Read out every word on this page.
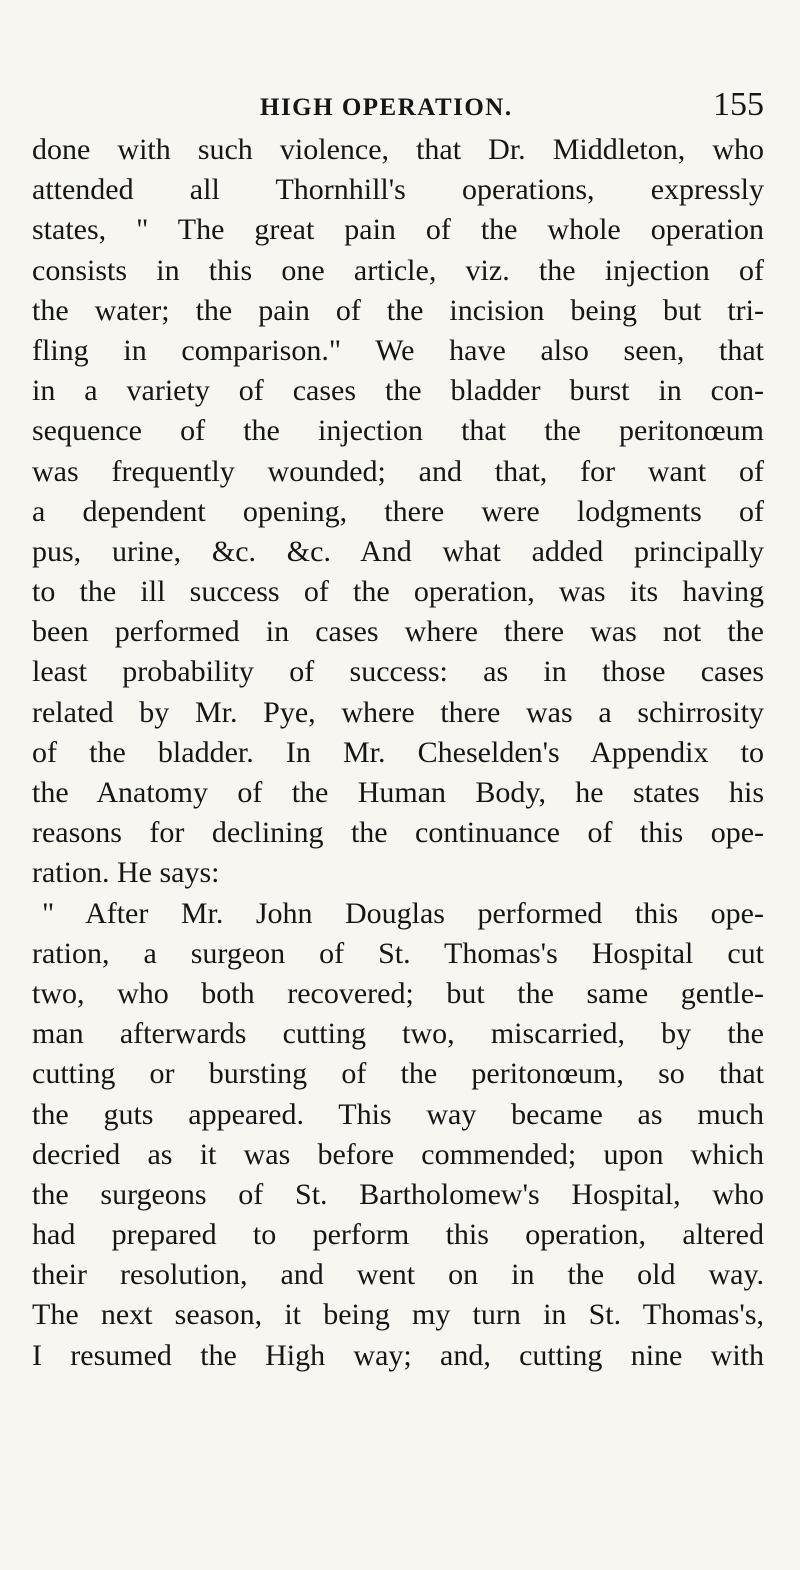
HIGH OPERATION.	155
done with such violence, that Dr. Middleton, who
attended all Thornhill's operations, expressly
states, " The great pain of the whole operation
consists in this one article, viz. the injection of
the water; the pain of the incision being but tri-
fling in comparison." We have also seen, that
in a variety of cases the bladder burst in con-
sequence of the injection that the peritonœum
was frequently wounded; and that, for want of
a dependent opening, there were lodgments of
pus, urine, &c. &c. And what added principally
to the ill success of the operation, was its having
been performed in cases where there was not the
least probability of success: as in those cases
related by Mr. Pye, where there was a schirrosity
of the bladder. In Mr. Cheselden's Appendix to
the Anatomy of the Human Body, he states his
reasons for declining the continuance of this ope-
ration. He says:
" After Mr. John Douglas performed this ope-
ration, a surgeon of St. Thomas's Hospital cut
two, who both recovered; but the same gentle-
man afterwards cutting two, miscarried, by the
cutting or bursting of the peritonœum, so that
the guts appeared. This way became as much
decried as it was before commended; upon which
the surgeons of St. Bartholomew's Hospital, who
had prepared to perform this operation, altered
their resolution, and went on in the old way.
The next season, it being my turn in St. Thomas's,
I resumed the High way; and, cutting nine with
